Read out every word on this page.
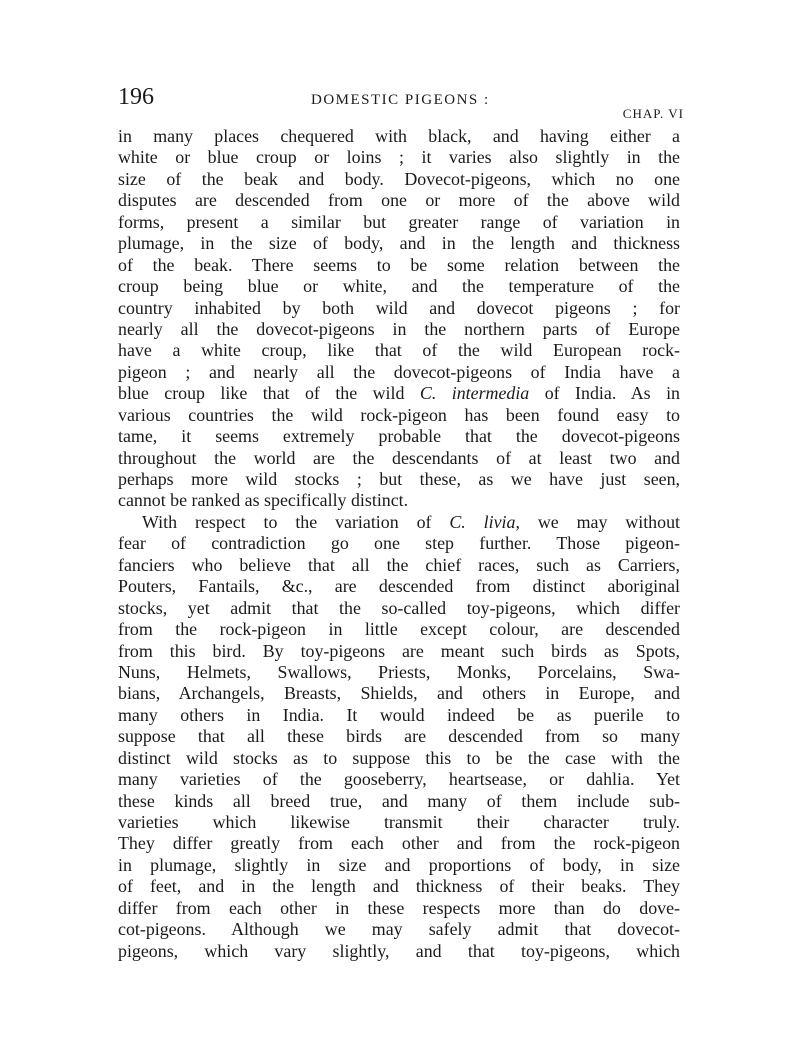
196	DOMESTIC PIGEONS :
CHAP. VI
in many places chequered with black, and having either a
white or blue croup or loins ; it varies also slightly in the
size of the beak and body. Dovecot-pigeons, which no one
disputes are descended from one or more of the above wild
forms, present a similar but greater range of variation in
plumage, in the size of body, and in the length and thickness
of the beak. There seems to be some relation between the
croup being blue or white, and the temperature of the
country inhabited by both wild and dovecot pigeons ; for
nearly all the dovecot-pigeons in the northern parts of Europe
have a white croup, like that of the wild European rock-
pigeon ; and nearly all the dovecot-pigeons of India have a
blue croup like that of the wild C. intermedia of India. As in
various countries the wild rock-pigeon has been found easy to
tame, it seems extremely probable that the dovecot-pigeons
throughout the world are the descendants of at least two and
perhaps more wild stocks ; but these, as we have just seen,
cannot be ranked as specifically distinct.
With respect to the variation of C. livia, we may without
fear of contradiction go one step further. Those pigeon-
fanciers who believe that all the chief races, such as Carriers,
Pouters, Fantails, &c., are descended from distinct aboriginal
stocks, yet admit that the so-called toy-pigeons, which differ
from the rock-pigeon in little except colour, are descended
from this bird. By toy-pigeons are meant such birds as Spots,
Nuns, Helmets, Swallows, Priests, Monks, Porcelains, Swa-
bians, Archangels, Breasts, Shields, and others in Europe, and
many others in India. It would indeed be as puerile to
suppose that all these birds are descended from so many
distinct wild stocks as to suppose this to be the case with the
many varieties of the gooseberry, heartsease, or dahlia. Yet
these kinds all breed true, and many of them include sub-
varieties which likewise transmit their character truly.
They differ greatly from each other and from the rock-pigeon
in plumage, slightly in size and proportions of body, in size
of feet, and in the length and thickness of their beaks. They
differ from each other in these respects more than do dove-
cot-pigeons. Although we may safely admit that dovecot-
pigeons, which vary slightly, and that toy-pigeons, which
